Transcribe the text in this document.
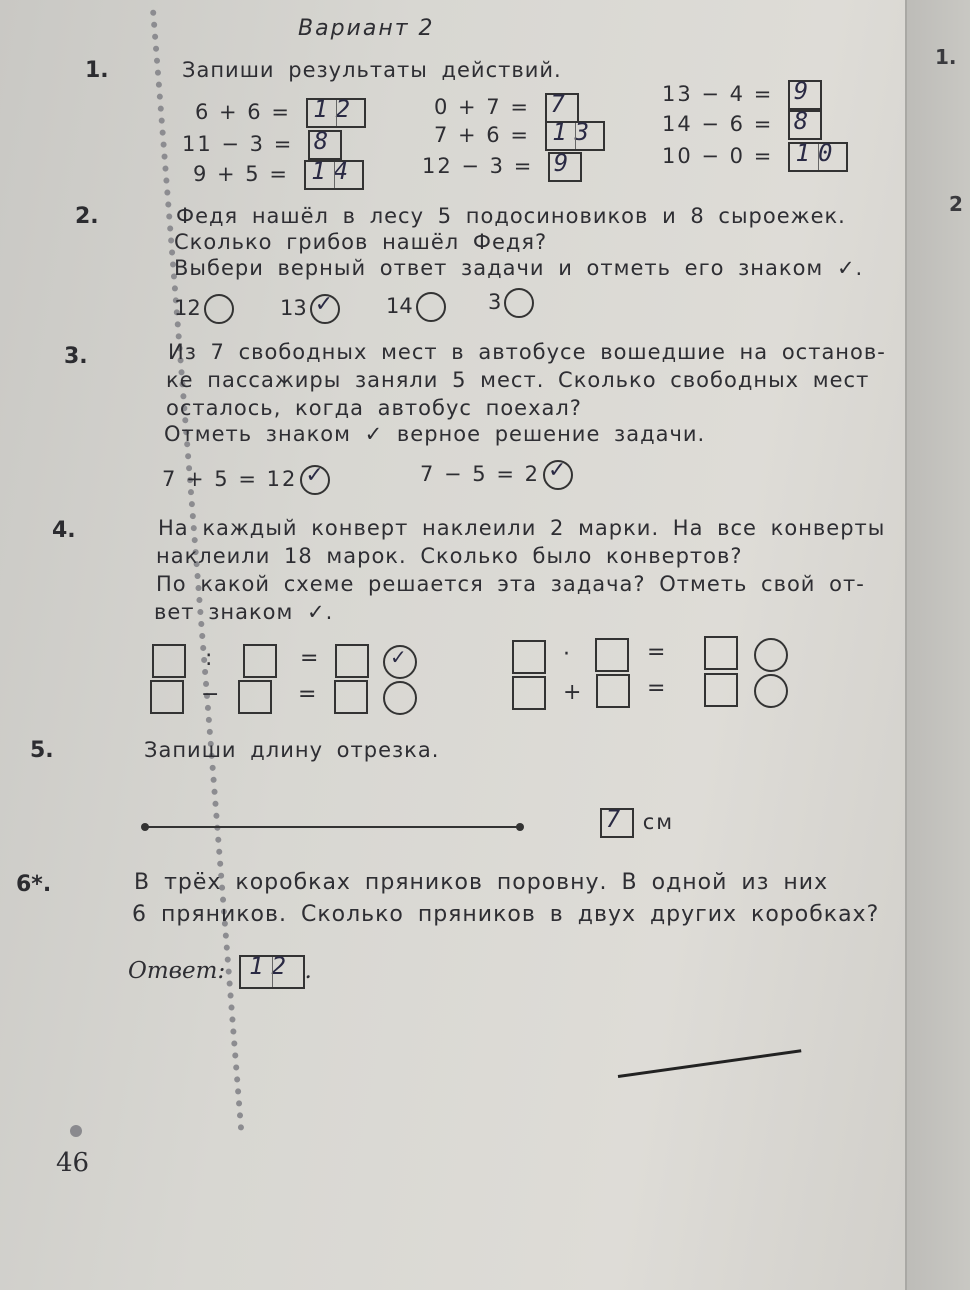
1.
2
Вариант 2
1.	Запиши результаты действий.
6 + 6 = 12
11 − 3 = 8
9 + 5 = 14
0 + 7 = 7
7 + 6 = 13
12 − 3 = 9
13 − 4 = 9
14 − 6 = 8
10 − 0 = 10
2.	Федя нашёл в лесу 5 подосиновиков и 8 сыроежек.
Сколько грибов нашёл Федя?
Выбери верный ответ задачи и отметь его знаком ✓.
12	13 ✓	14	3
3.	Из 7 свободных мест в автобусе вошедшие на останов-
ке пассажиры заняли 5 мест. Сколько свободных мест
осталось, когда автобус поехал?
Отметь знаком ✓ верное решение задачи.
7 + 5 = 12 ✓	7 − 5 = 2 ✓
4.	На каждый конверт наклеили 2 марки. На все конверты
наклеили 18 марок. Сколько было конвертов?
По какой схеме решается эта задача? Отметь свой от-
вет знаком ✓.
:	=	✓
−	=
·	=
+	=
5.	Запиши длину отрезка.
7 см
6*.	В трёх коробках пряников поровну. В одной из них
6 пряников. Сколько пряников в двух других коробках?
Ответ: 12 .
46
